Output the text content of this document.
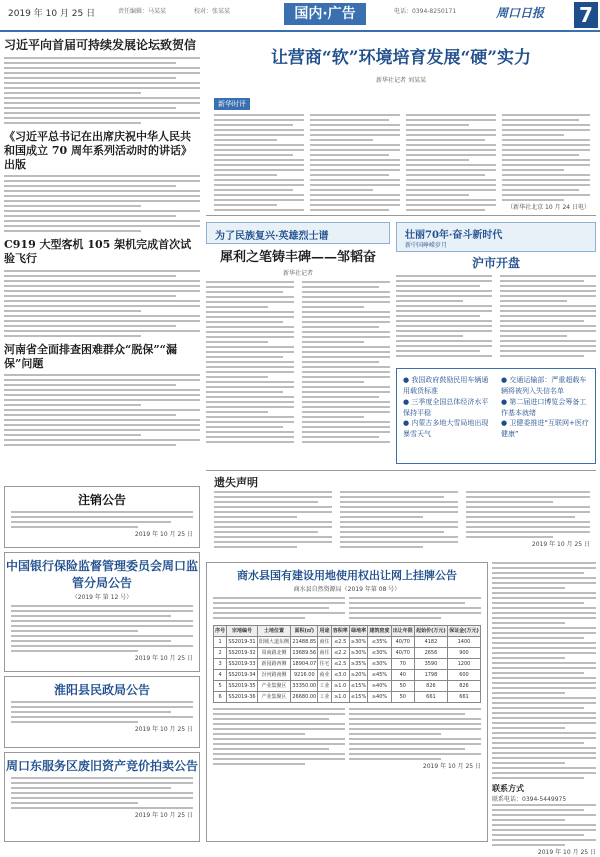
2019 年 10 月 25 日	责任编辑：马某某	校对：张某某	国内·广告	电话：0394-8250171	周口日报 7
习近平向首届可持续发展论坛致贺信
《习近平总书记在出席庆祝中华人民共和国成立 70 周年系列活动时的讲话》出版
C919 大型客机 105 架机完成首次试验飞行
河南省全面排查困难群众“脱保”“漏保”问题
注销公告
2019 年 10 月 25 日
中国银行保险监督管理委员会周口监管分局公告
（2019 年 第 12 号）
2019 年 10 月 25 日
淮阳县民政局公告
2019 年 10 月 25 日
周口东服务区废旧资产竞价拍卖公告
2019 年 10 月 25 日
让营商“软”环境培育发展“硬”实力
新华社记者 刘某某
新华时评
（新华社北京 10 月 24 日电）
为了民族复兴·英雄烈士谱
犀利之笔铸丰碑——邹韬奋
新华社记者
壮丽70年·奋斗新时代
新中国峥嵘岁月
沪市开盘
● 我国政府鼓励民用车辆通用载货标准
● 三季度全国总体经济水平保持平稳
● 内蒙古多地大雪局地出现暴雪天气
● 交通运输部：严重超载车辆将被列入失信名单
● 第二届进口博览会筹备工作基本就绪
● 卫健委推进“互联网+医疗健康”
遗失声明
2019 年 10 月 25 日
商水县国有建设用地使用权出让网上挂牌公告
商水县自然资源局（2019 年第 08 号）
序号	宗地编号	土地位置	面积(㎡)	用途	容积率	绿地率	建筑密度	出让年限	起始价(万元)	保证金(万元)
1	SS2019-31	阳城大道东侧	21488.85	商住	≤2.5	≥30%	≤35%	40/70	4182	1400
2	SS2019-32	周商路北侧	13689.56	商住	≤2.2	≥30%	≤30%	40/70	2656	900
3	SS2019-33	新园路西侧	18904.07	住宅	≤2.5	≥35%	≤30%	70	3590	1200
4	SS2019-34	汾河路南侧	9216.00	商业	≤3.0	≥20%	≤45%	40	1798	600
5	SS2019-35	产业集聚区	33350.00	工业	≥1.0	≤15%	≥40%	50	826	826
6	SS2019-36	产业集聚区	26680.00	工业	≥1.0	≤15%	≥40%	50	661	661
2019 年 10 月 25 日
联系方式
联系电话：0394-5449975
2019 年 10 月 25 日
